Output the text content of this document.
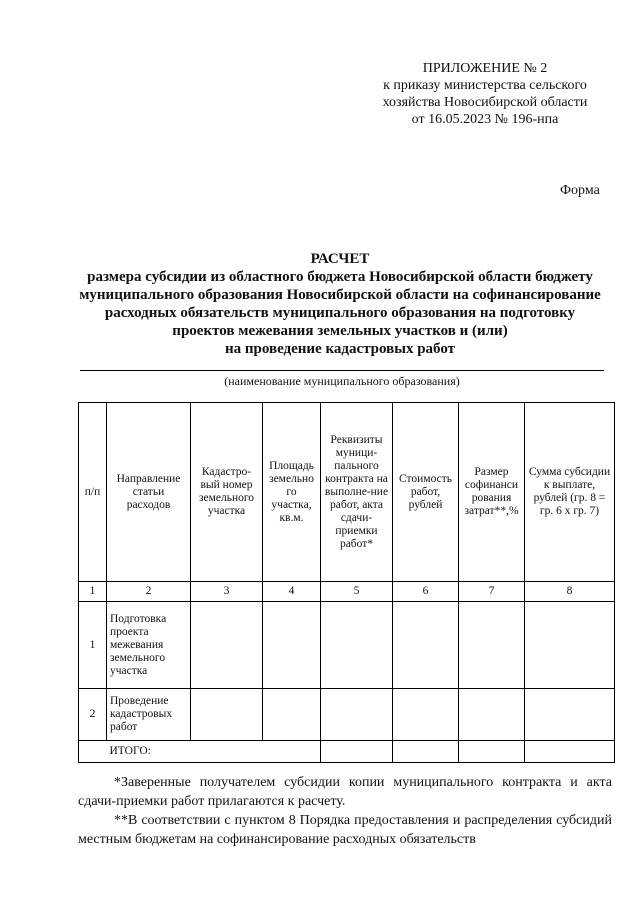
ПРИЛОЖЕНИЕ № 2
к приказу министерства сельского
хозяйства Новосибирской области
от 16.05.2023 № 196-нпа
Форма
РАСЧЕТ
размера субсидии из областного бюджета Новосибирской области бюджету
муниципального образования Новосибирской области на софинансирование
расходных обязательств муниципального образования на подготовку
проектов межевания земельных участков и (или)
на проведение кадастровых работ
(наименование муниципального образования)
п/п	Направление статьи расходов	Кадастро-вый номер земельного участка	Площадь земельно го участка, кв.м.	Реквизиты муници-пального контракта на выполне-ние работ, акта сдачи-приемки работ*	Стоимость работ, рублей	Размер софинанси рования затрат**,%	Сумма субсидии к выплате, рублей (гр. 8 = гр. 6 х гр. 7)
1	2	3	4	5	6	7	8
1	Подготовка проекта межевания земельного участка						
2	Проведение кадастровых работ						
	ИТОГО:						

*Заверенные получателем субсидии копии муниципального контракта и акта сдачи-приемки работ прилагаются к расчету.

**В соответствии с пунктом 8 Порядка предоставления и распределения субсидий местным бюджетам на софинансирование расходных обязательств
